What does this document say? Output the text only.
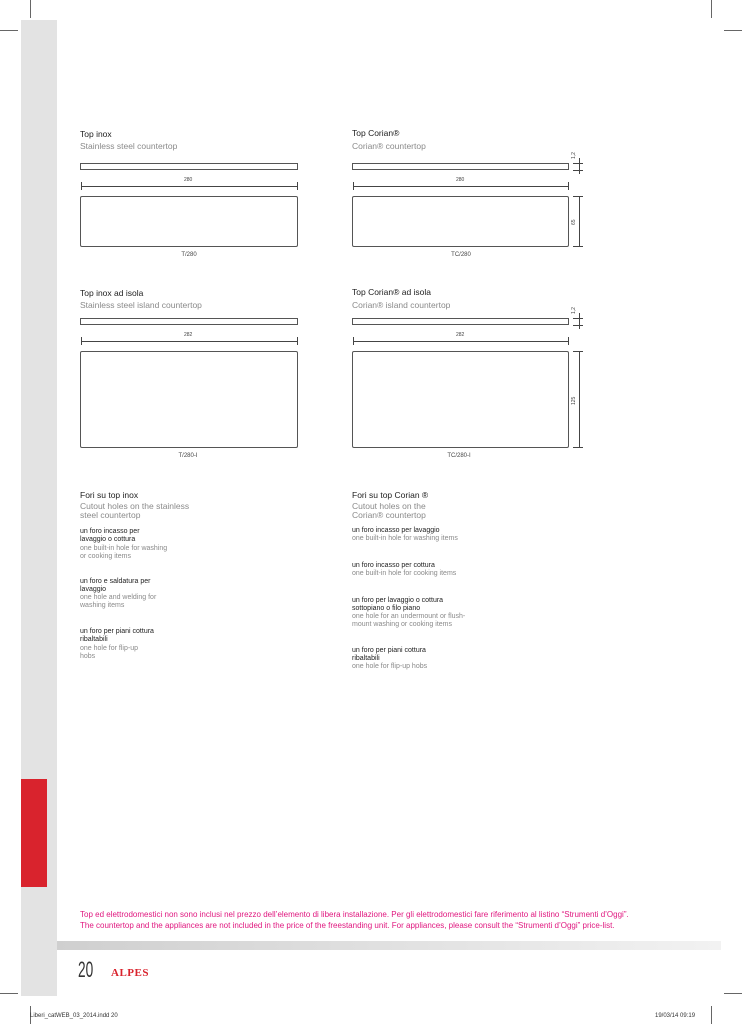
Top inox
Stainless steel countertop
280
T/280
Top Corian®
Corian® countertop
1,2
280
65
TC/280
Top inox ad isola
Stainless steel island countertop
282
T/280-I
Top Corian® ad isola
Corian® island countertop
1,2
282
125
TC/280-I
Fori su top inox
Cutout holes on the stainless steel countertop
un foro incasso per lavaggio o cottura
one built-in hole for washing or cooking items
un foro e saldatura per lavaggio
one hole and welding for washing items
un foro per piani cottura ribaltabili
one hole for flip-up hobs
Fori su top Corian ®
Cutout holes on the Corian® countertop
un foro incasso per lavaggio
one built-in hole for washing items
un foro incasso per cottura
one built-in hole for cooking items
un foro per lavaggio o cottura sottopiano o filo piano
one hole for an undermount or flush-mount washing or cooking items
un foro per piani cottura ribaltabili
one hole for flip-up hobs
Top ed elettrodomestici non sono inclusi nel prezzo dell’elemento di libera installazione. Per gli elettrodomestici fare riferimento al listino “Strumenti d’Oggi”.
The countertop and the appliances are not included in the price of the freestanding unit. For appliances, please consult the “Strumenti d’Oggi” price-list.
20 ALPES
Liberi_catWEB_03_2014.indd 20	19/03/14 09:19
